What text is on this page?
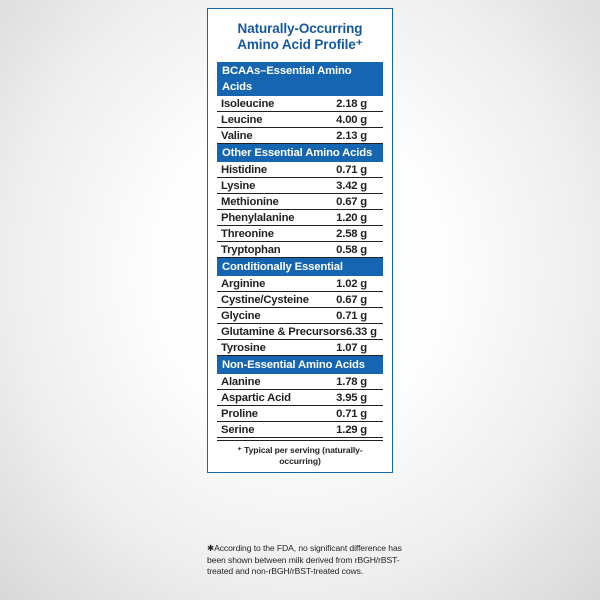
Naturally-Occurring Amino Acid Profile⁺
BCAAs–Essential Amino Acids
Isoleucine	2.18 g
Leucine	4.00 g
Valine	2.13 g
Other Essential Amino Acids
Histidine	0.71 g
Lysine	3.42 g
Methionine	0.67 g
Phenylalanine	1.20 g
Threonine	2.58 g
Tryptophan	0.58 g
Conditionally Essential
Arginine	1.02 g
Cystine/Cysteine 0.67 g
Glycine	0.71 g
Glutamine & Precursors 6.33 g
Tyrosine	1.07 g
Non-Essential Amino Acids
Alanine	1.78 g
Aspartic Acid	3.95 g
Proline	0.71 g
Serine	1.29 g
⁺ Typical per serving (naturally-occurring)
✱According to the FDA, no significant difference has been shown between milk derived from rBGH/rBST-treated and non-rBGH/rBST-treated cows.
